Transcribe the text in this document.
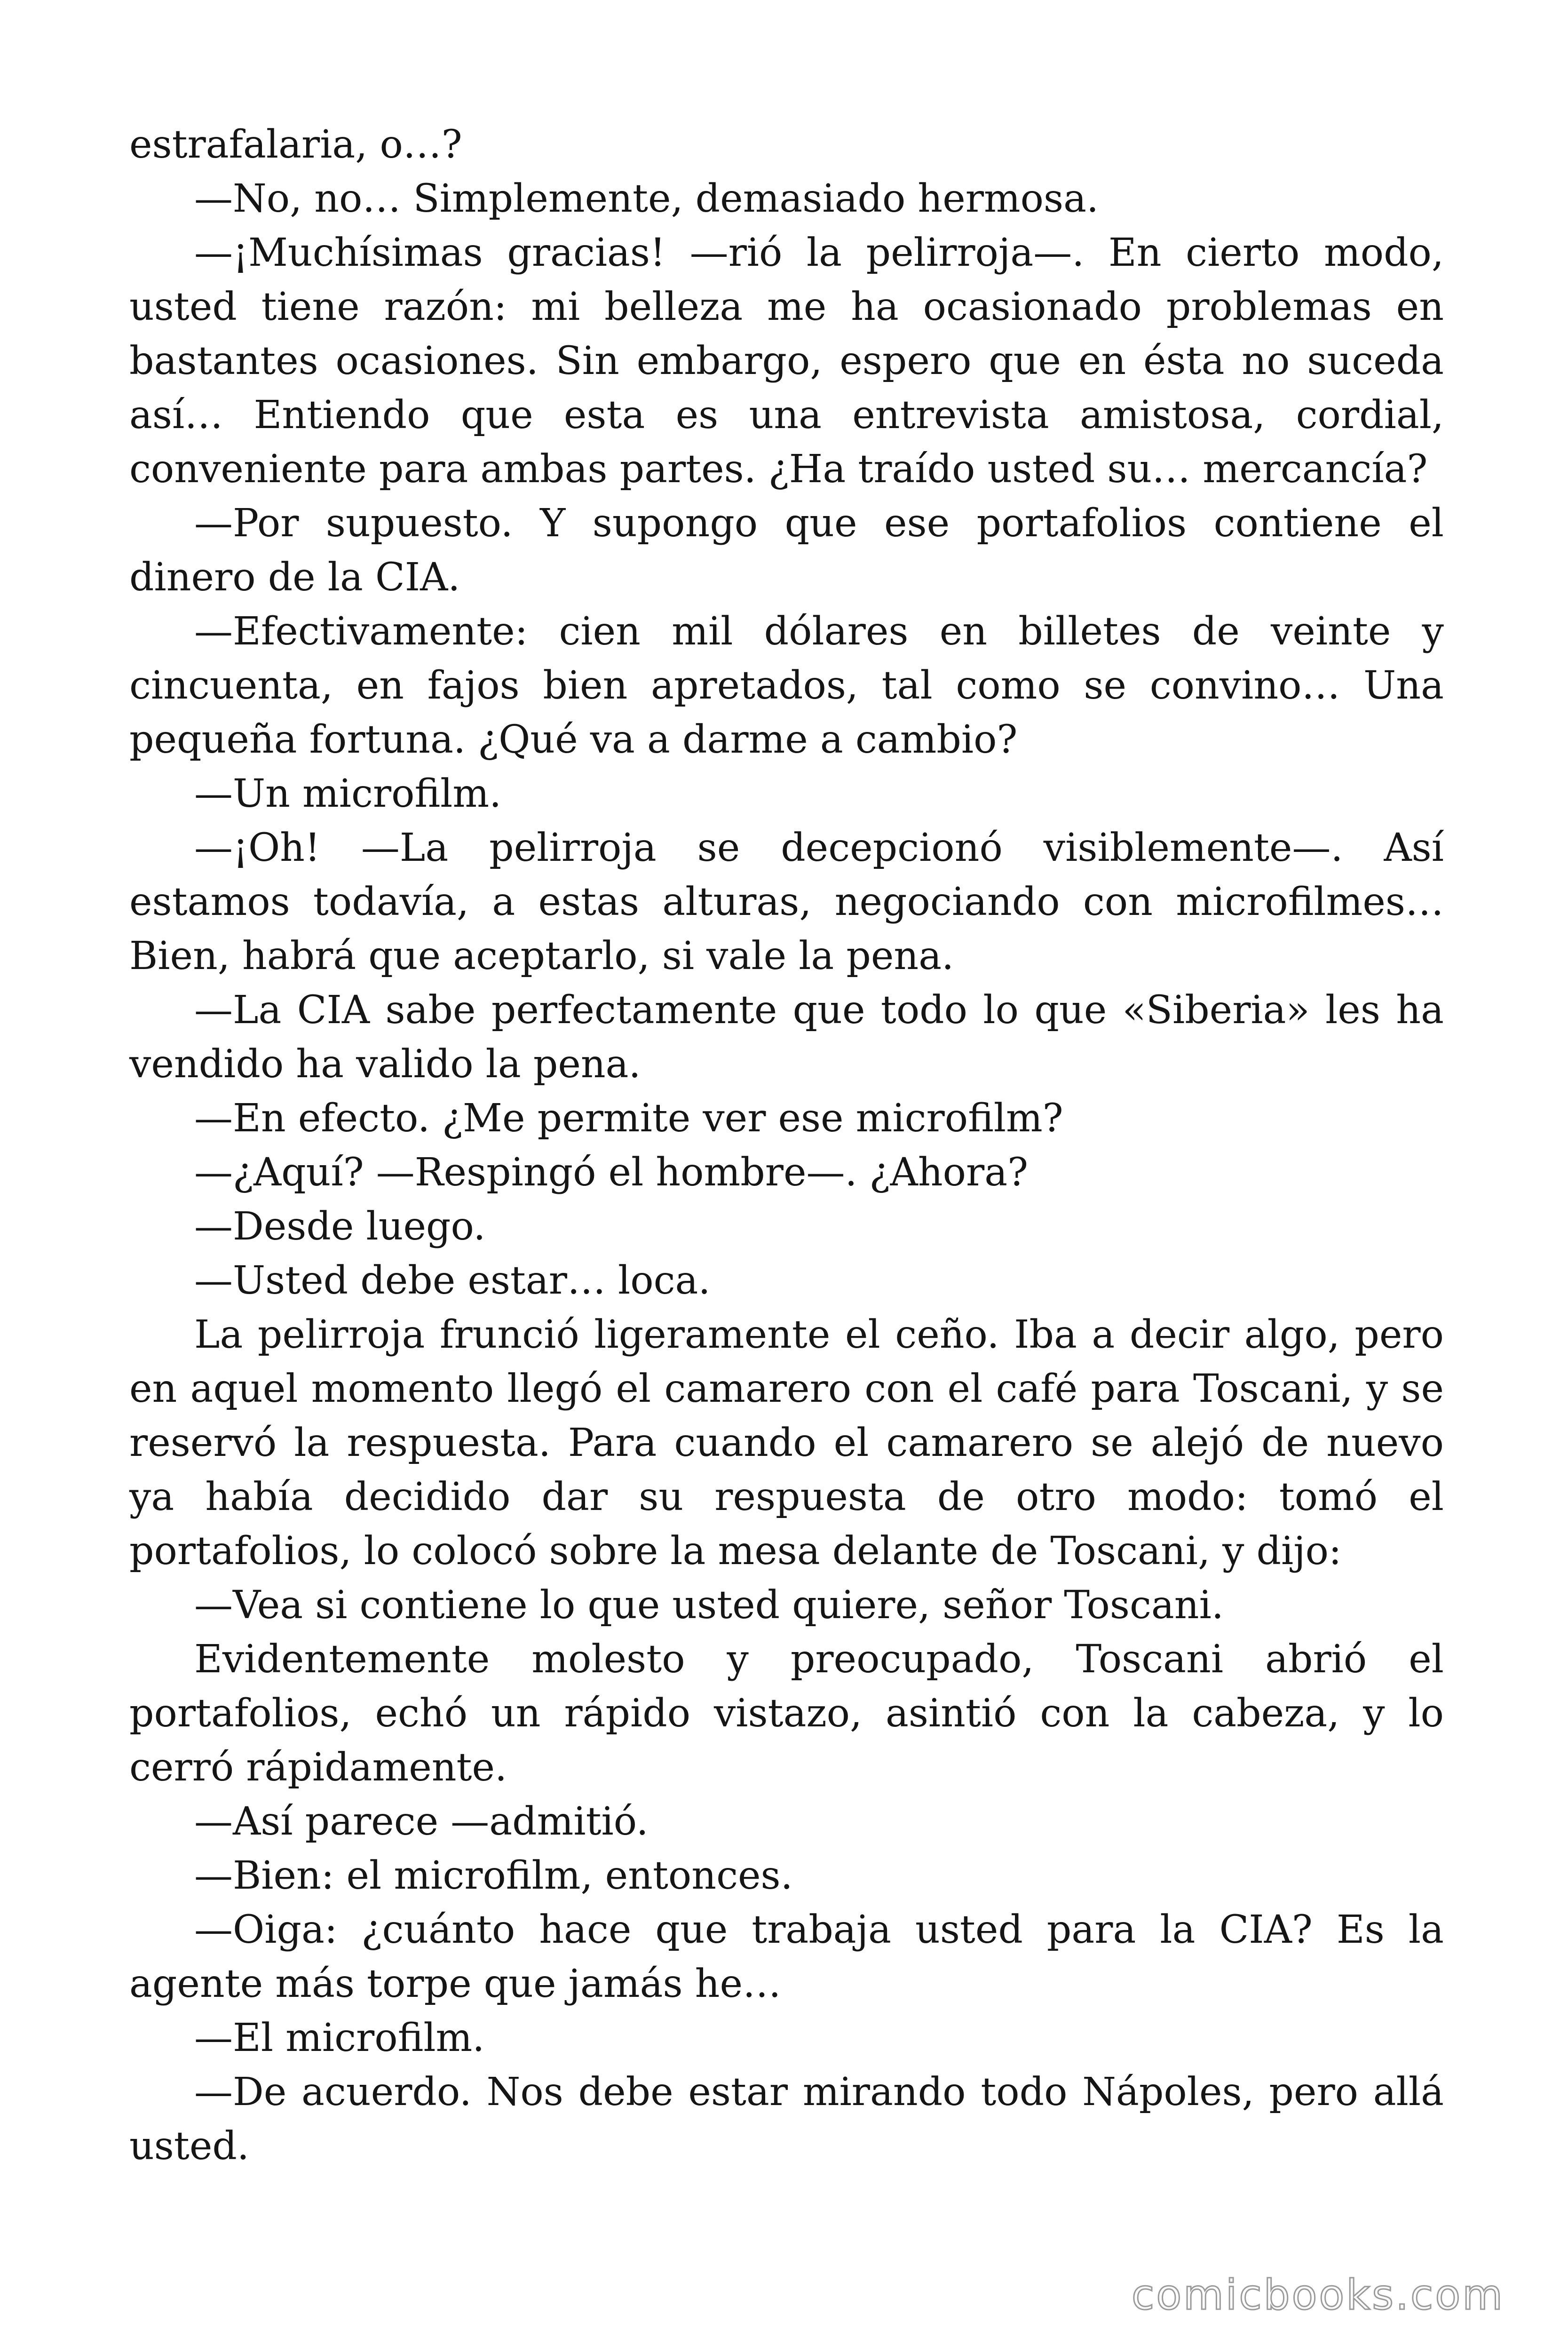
estrafalaria, o…?

—No, no… Simplemente, demasiado hermosa.

—¡Muchísimas gracias! —rió la pelirroja—. En cierto modo, usted tiene razón: mi belleza me ha ocasionado problemas en bastantes ocasiones. Sin embargo, espero que en ésta no suceda así… Entiendo que esta es una entrevista amistosa, cordial, conveniente para ambas partes. ¿Ha traído usted su… mercancía?

—Por supuesto. Y supongo que ese portafolios contiene el dinero de la CIA.

—Efectivamente: cien mil dólares en billetes de veinte y cincuenta, en fajos bien apretados, tal como se convino… Una pequeña fortuna. ¿Qué va a darme a cambio?

—Un microfilm.

—¡Oh! —La pelirroja se decepcionó visiblemente—. Así estamos todavía, a estas alturas, negociando con microfilmes… Bien, habrá que aceptarlo, si vale la pena.

—La CIA sabe perfectamente que todo lo que «Siberia» les ha vendido ha valido la pena.

—En efecto. ¿Me permite ver ese microfilm?

—¿Aquí? —Respingó el hombre—. ¿Ahora?

—Desde luego.

—Usted debe estar… loca.

La pelirroja frunció ligeramente el ceño. Iba a decir algo, pero en aquel momento llegó el camarero con el café para Toscani, y se reservó la respuesta. Para cuando el camarero se alejó de nuevo ya había decidido dar su respuesta de otro modo: tomó el portafolios, lo colocó sobre la mesa delante de Toscani, y dijo:

—Vea si contiene lo que usted quiere, señor Toscani.

Evidentemente molesto y preocupado, Toscani abrió el portafolios, echó un rápido vistazo, asintió con la cabeza, y lo cerró rápidamente.

—Así parece —admitió.

—Bien: el microfilm, entonces.

—Oiga: ¿cuánto hace que trabaja usted para la CIA? Es la agente más torpe que jamás he…

—El microfilm.

—De acuerdo. Nos debe estar mirando todo Nápoles, pero allá usted.

comicbooks.com
